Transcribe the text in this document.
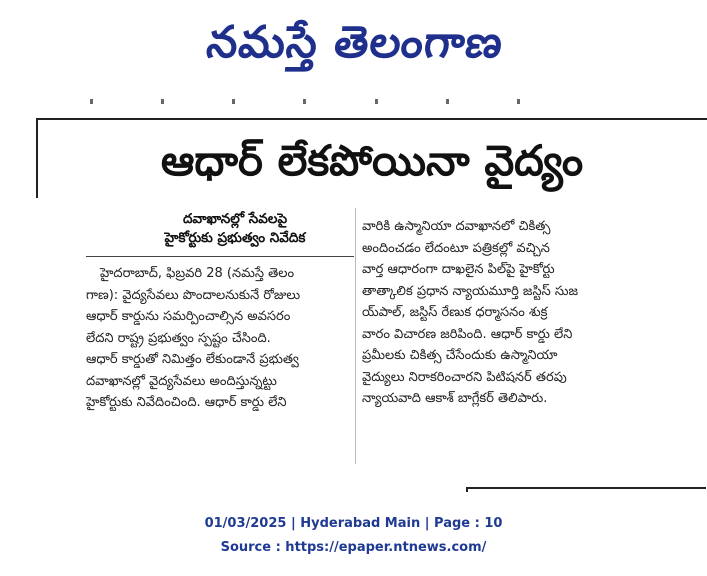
నమస్తే తెలంగాణ
ఆధార్ లేకపోయినా వైద్యం
దవాఖానల్లో సేవలపై
హైకోర్టుకు ప్రభుత్వం నివేదిక
హైదరాబాద్, ఫిబ్రవరి 28 (నమస్తే తెలం
గాణ): వైద్యసేవలు పొందాలనుకునే రోజులు
ఆధార్ కార్డును సమర్పించాల్సిన అవసరం
లేదని రాష్ట్ర ప్రభుత్వం స్పష్టం చేసింది.
ఆధార్ కార్డుతో నిమిత్తం లేకుండానే ప్రభుత్వ
దవాఖానల్లో వైద్యసేవలు అందిస్తున్నట్టు
హైకోర్టుకు నివేదించింది. ఆధార్ కార్డు లేని
వారికి ఉస్మానియా దవాఖానలో చికిత్స
అందించడం లేదంటూ పత్రికల్లో వచ్చిన
వార్త ఆధారంగా దాఖలైన పిల్‌పై హైకోర్టు
తాత్కాలిక ప్రధాన న్యాయమూర్తి జస్టిస్ సుజ
య్‌పాల్, జస్టిస్ రేణుక ధర్మాసనం శుక్ర
వారం విచారణ జరిపింది. ఆధార్ కార్డు లేని
ప్రమీలకు చికిత్స చేసేందుకు ఉస్మానియా
వైద్యులు నిరాకరించారని పిటిషనర్ తరపు
న్యాయవాది ఆకాశ్ బాగ్లేకర్ తెలిపారు.
01/03/2025 | Hyderabad Main | Page : 10
Source : https://epaper.ntnews.com/
